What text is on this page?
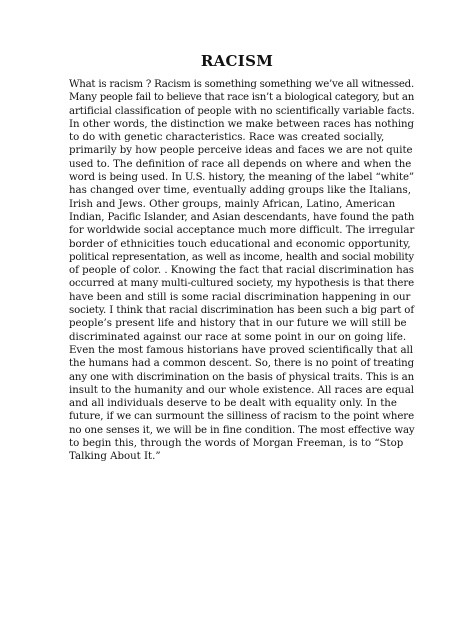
RACISM

What is racism ? Racism is something something we’ve all witnessed.
Many people fail to believe that race isn’t a biological category, but an
artificial classification of people with no scientifically variable facts.
In other words, the distinction we make between races has nothing
to do with genetic characteristics. Race was created socially,
primarily by how people perceive ideas and faces we are not quite
used to. The definition of race all depends on where and when the
word is being used. In U.S. history, the meaning of the label “white”
has changed over time, eventually adding groups like the Italians,
Irish and Jews. Other groups, mainly African, Latino, American
Indian, Pacific Islander, and Asian descendants, have found the path
for worldwide social acceptance much more difficult. The irregular
border of ethnicities touch educational and economic opportunity,
political representation, as well as income, health and social mobility
of people of color. . Knowing the fact that racial discrimination has
occurred at many multi-cultured society, my hypothesis is that there
have been and still is some racial discrimination happening in our
society. I think that racial discrimination has been such a big part of
people’s present life and history that in our future we will still be
discriminated against our race at some point in our on going life.
Even the most famous historians have proved scientifically that all
the humans had a common descent. So, there is no point of treating
any one with discrimination on the basis of physical traits. This is an
insult to the humanity and our whole existence. All races are equal
and all individuals deserve to be dealt with equality only. In the
future, if we can surmount the silliness of racism to the point where
no one senses it, we will be in fine condition. The most effective way
to begin this, through the words of Morgan Freeman, is to “Stop
Talking About It.”
